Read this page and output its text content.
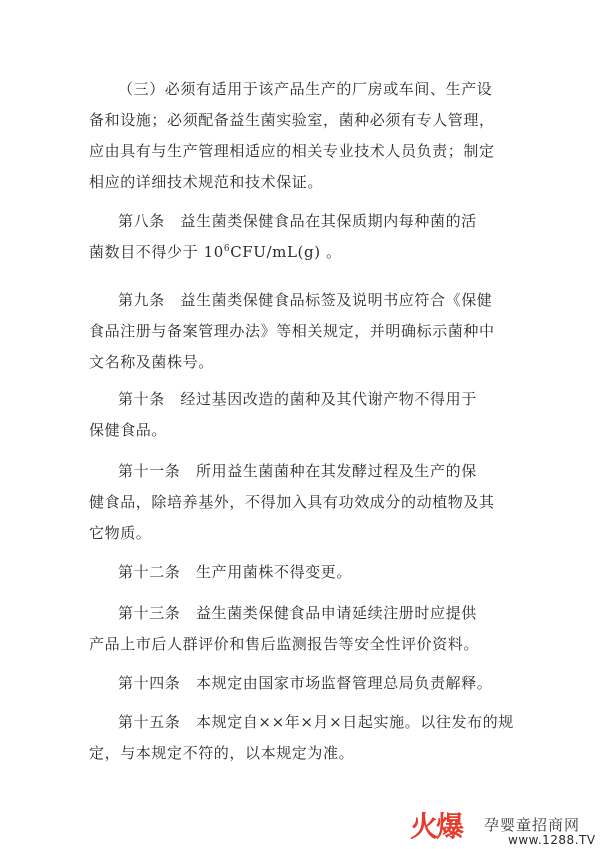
（三）必须有适用于该产品生产的厂房或车间、生产设
备和设施；必须配备益生菌实验室，菌种必须有专人管理，
应由具有与生产管理相适应的相关专业技术人员负责；制定
相应的详细技术规范和技术保证。
第八条　益生菌类保健食品在其保质期内每种菌的活
菌数目不得少于 $10^6CFU/mL(g)$ 。
第九条　益生菌类保健食品标签及说明书应符合《保健
食品注册与备案管理办法》等相关规定，并明确标示菌种中
文名称及菌株号。
第十条　经过基因改造的菌种及其代谢产物不得用于
保健食品。
第十一条　所用益生菌菌种在其发酵过程及生产的保
健食品，除培养基外，不得加入具有功效成分的动植物及其
它物质。
第十二条　生产用菌株不得变更。
第十三条　益生菌类保健食品申请延续注册时应提供
产品上市后人群评价和售后监测报告等安全性评价资料。
第十四条　本规定由国家市场监督管理总局负责解释。
第十五条　本规定自××年×月×日起实施。以往发布的规
定，与本规定不符的，以本规定为准。
火爆 孕婴童招商网
www.1288.TV
